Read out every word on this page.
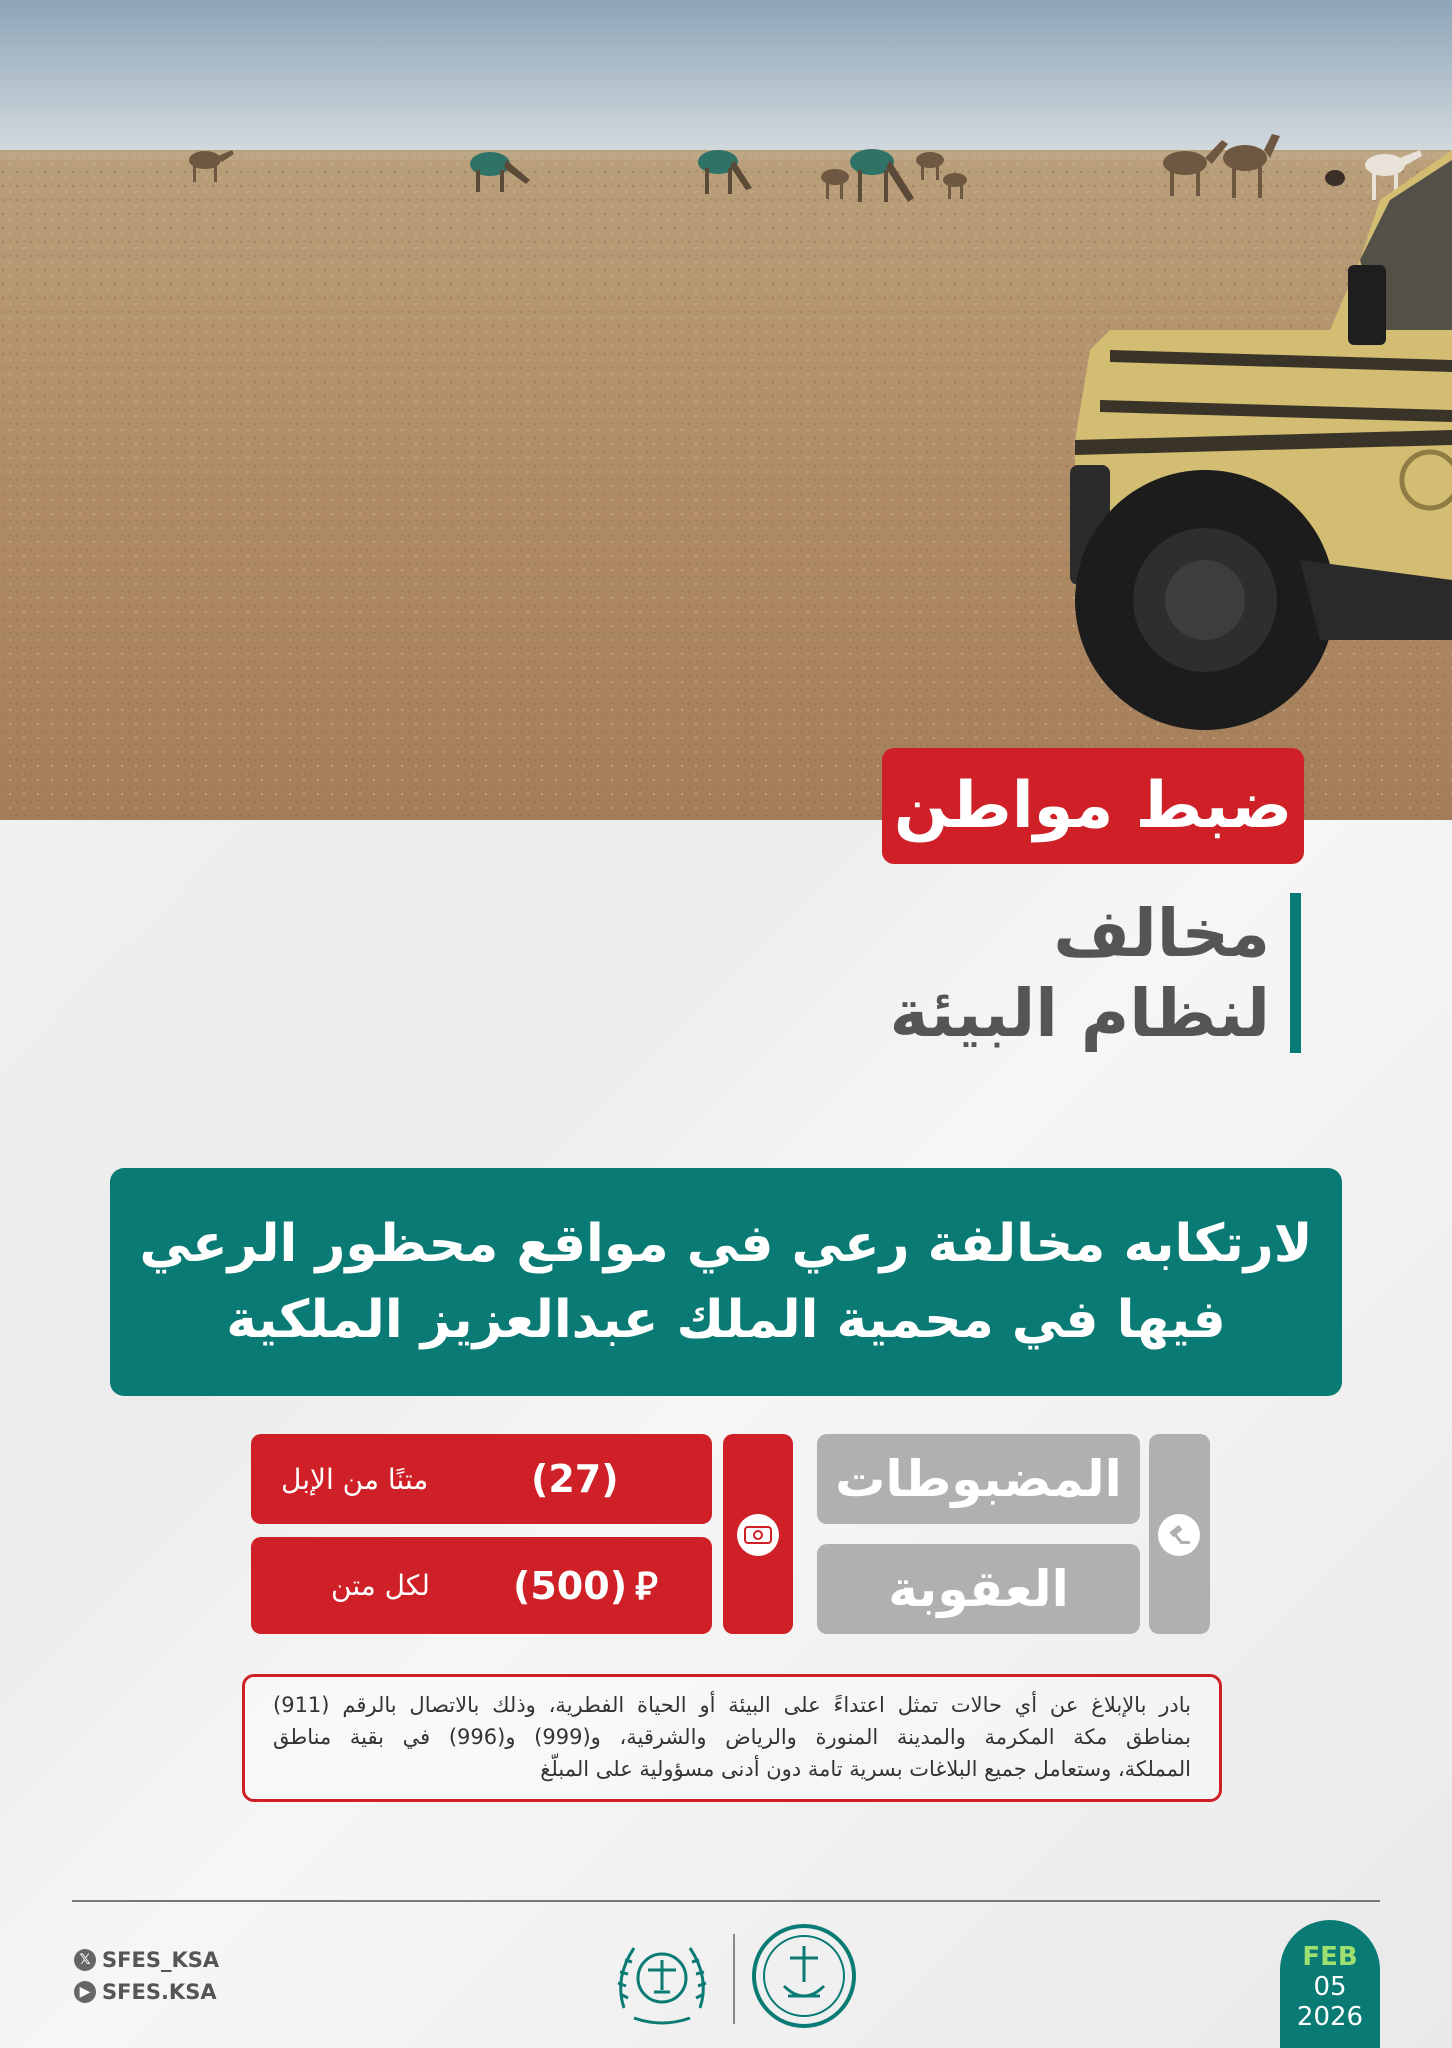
ضبط مواطن
مخالف
لنظام البيئة
لارتكابه مخالفة رعي في مواقع محظور الرعي
فيها في محمية الملك عبدالعزيز الملكية
المضبوطات
العقوبة
(27)
متنًا من الإبل
(500) ⃁
لكل متن
بادر بالإبلاغ عن أي حالات تمثل اعتداءً على البيئة أو الحياة الفطرية، وذلك بالاتصال بالرقم (911)
بمناطق مكة المكرمة والمدينة المنورة والرياض والشرقية، و(999) و(996) في بقية مناطق
المملكة، وستعامل جميع البلاغات بسرية تامة دون أدنى مسؤولية على المبلّغ
𝕏 SFES_KSA
▶ SFES.KSA
FEB
05
2026
